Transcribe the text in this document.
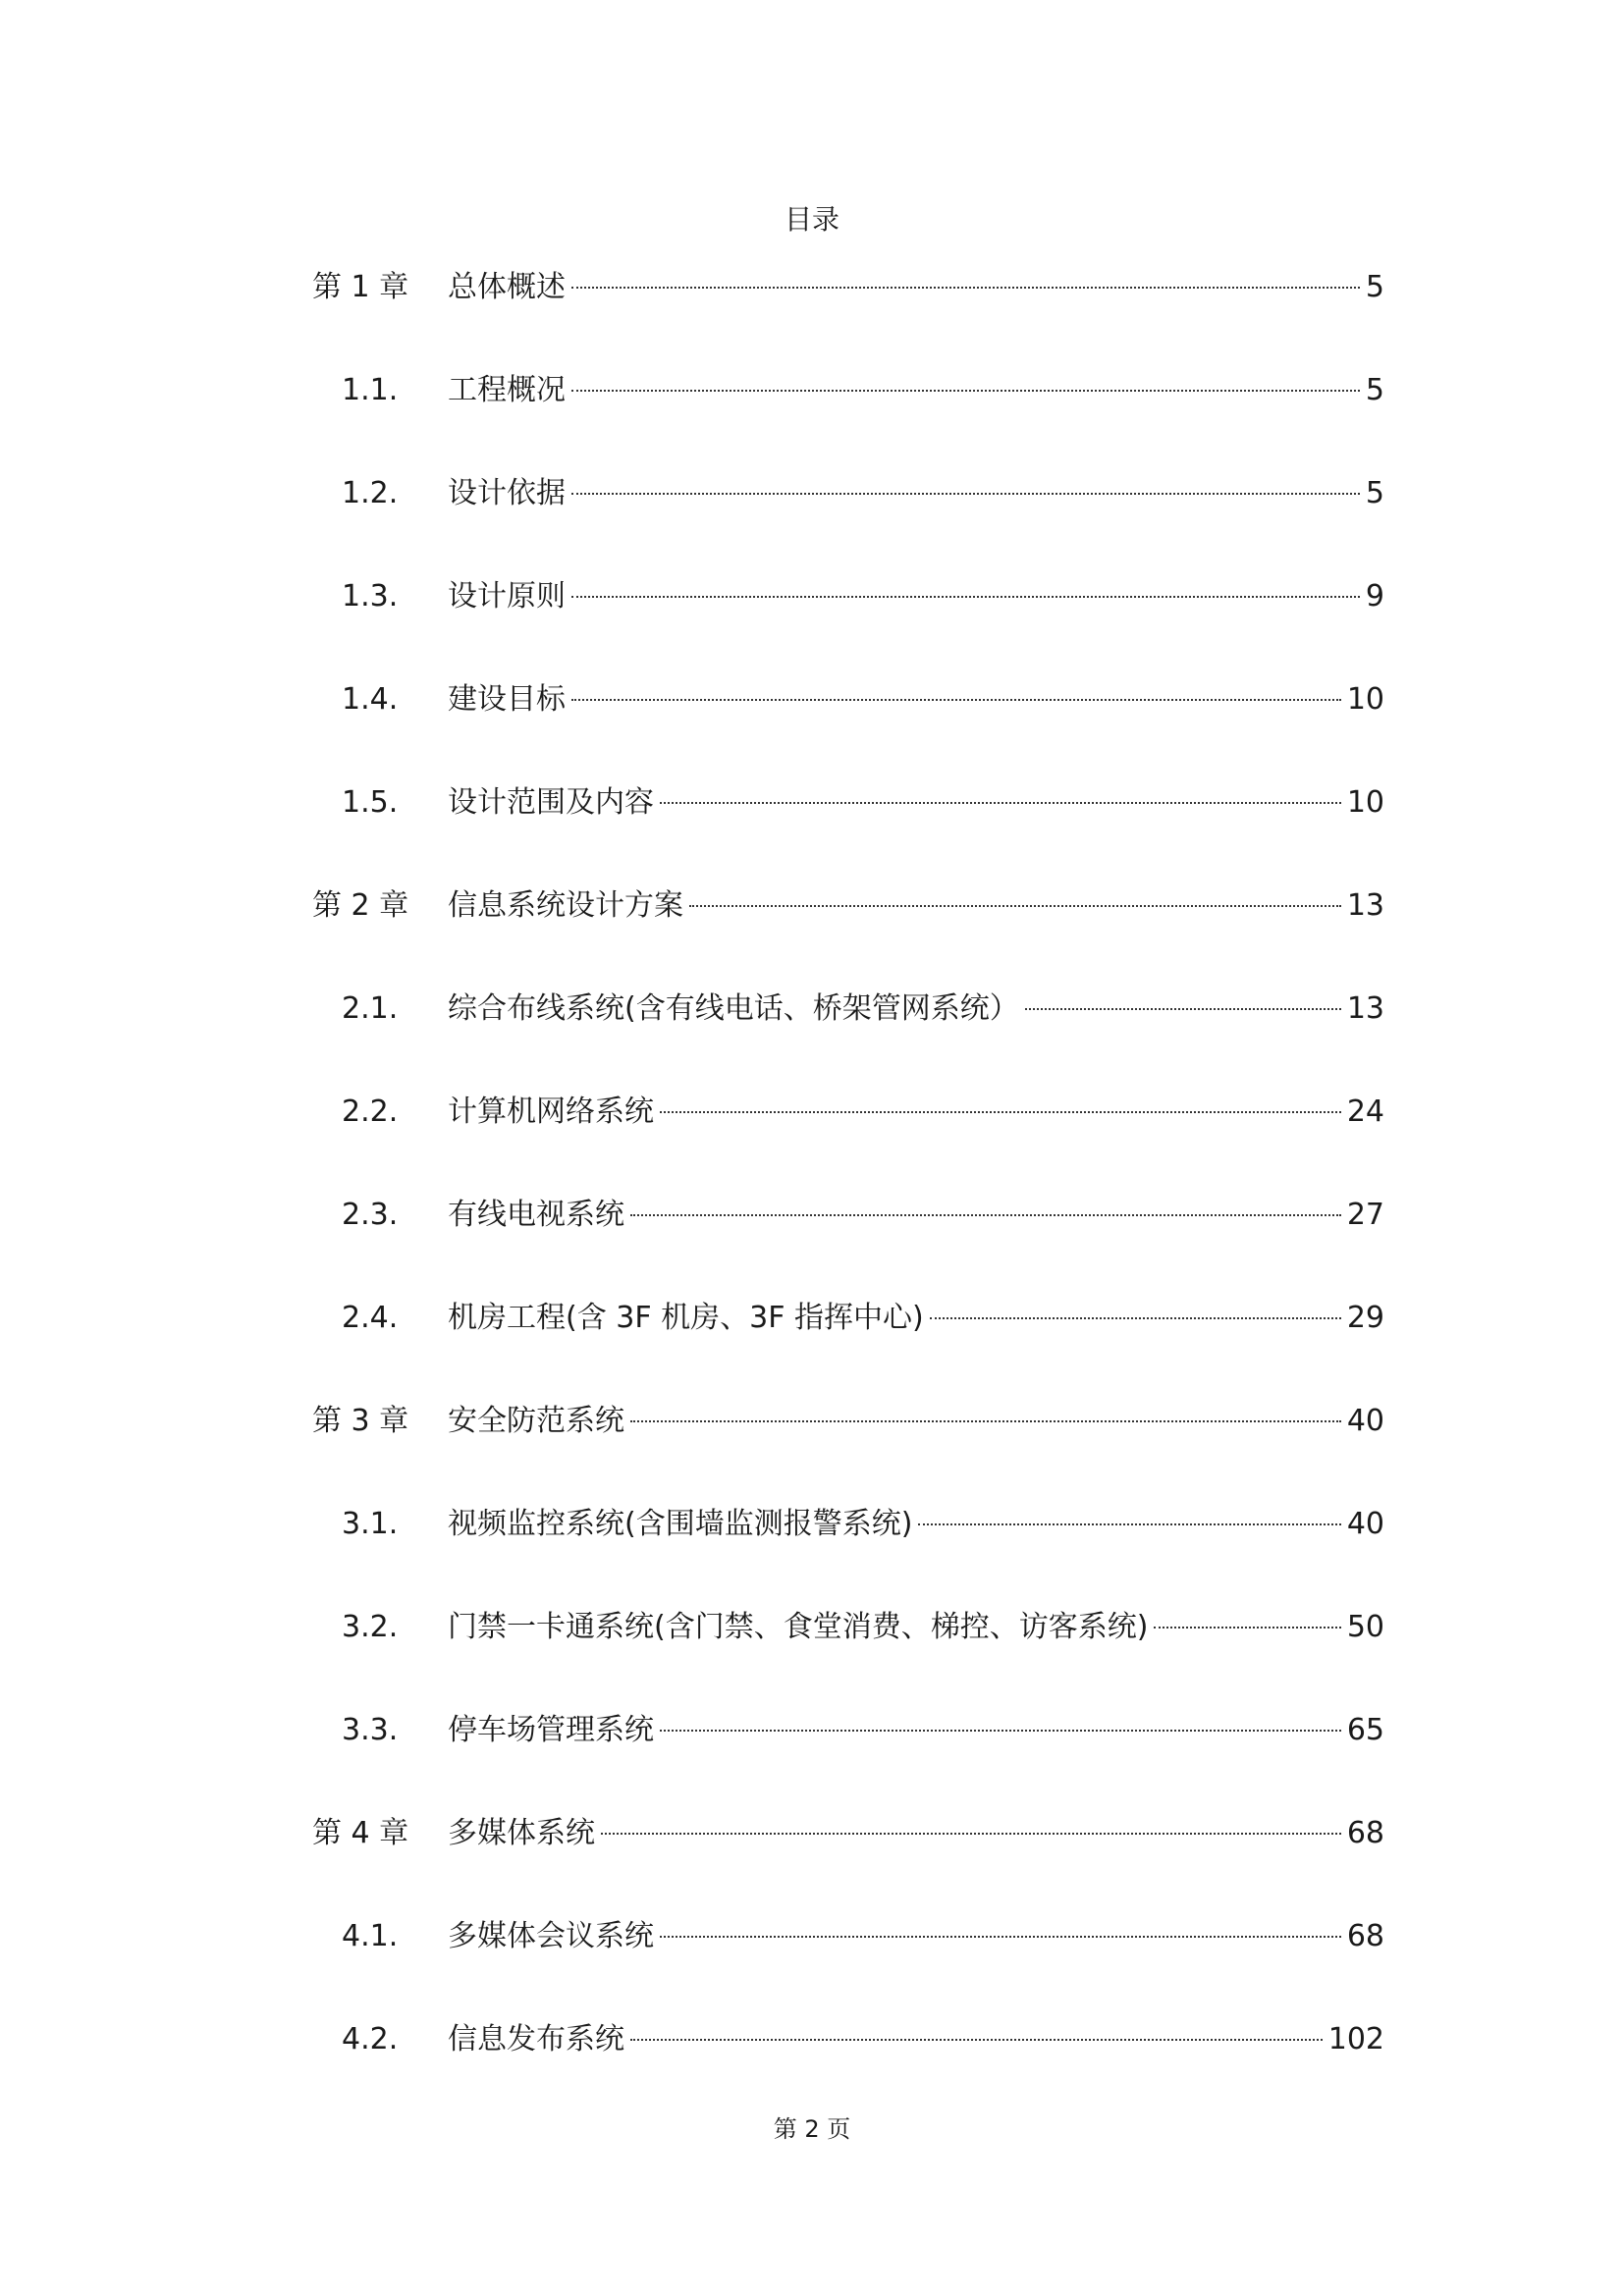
目录
第 1 章	总体概述	5
1.1.	工程概况	5
1.2.	设计依据	5
1.3.	设计原则	9
1.4.	建设目标	10
1.5.	设计范围及内容	10
第 2 章	信息系统设计方案	13
2.1.	综合布线系统(含有线电话、桥架管网系统）	13
2.2.	计算机网络系统	24
2.3.	有线电视系统	27
2.4.	机房工程(含 3F 机房、3F 指挥中心)	29
第 3 章	安全防范系统	40
3.1.	视频监控系统(含围墙监测报警系统)	40
3.2.	门禁一卡通系统(含门禁、食堂消费、梯控、访客系统)	50
3.3.	停车场管理系统	65
第 4 章	多媒体系统	68
4.1.	多媒体会议系统	68
4.2.	信息发布系统	102
第 2 页
